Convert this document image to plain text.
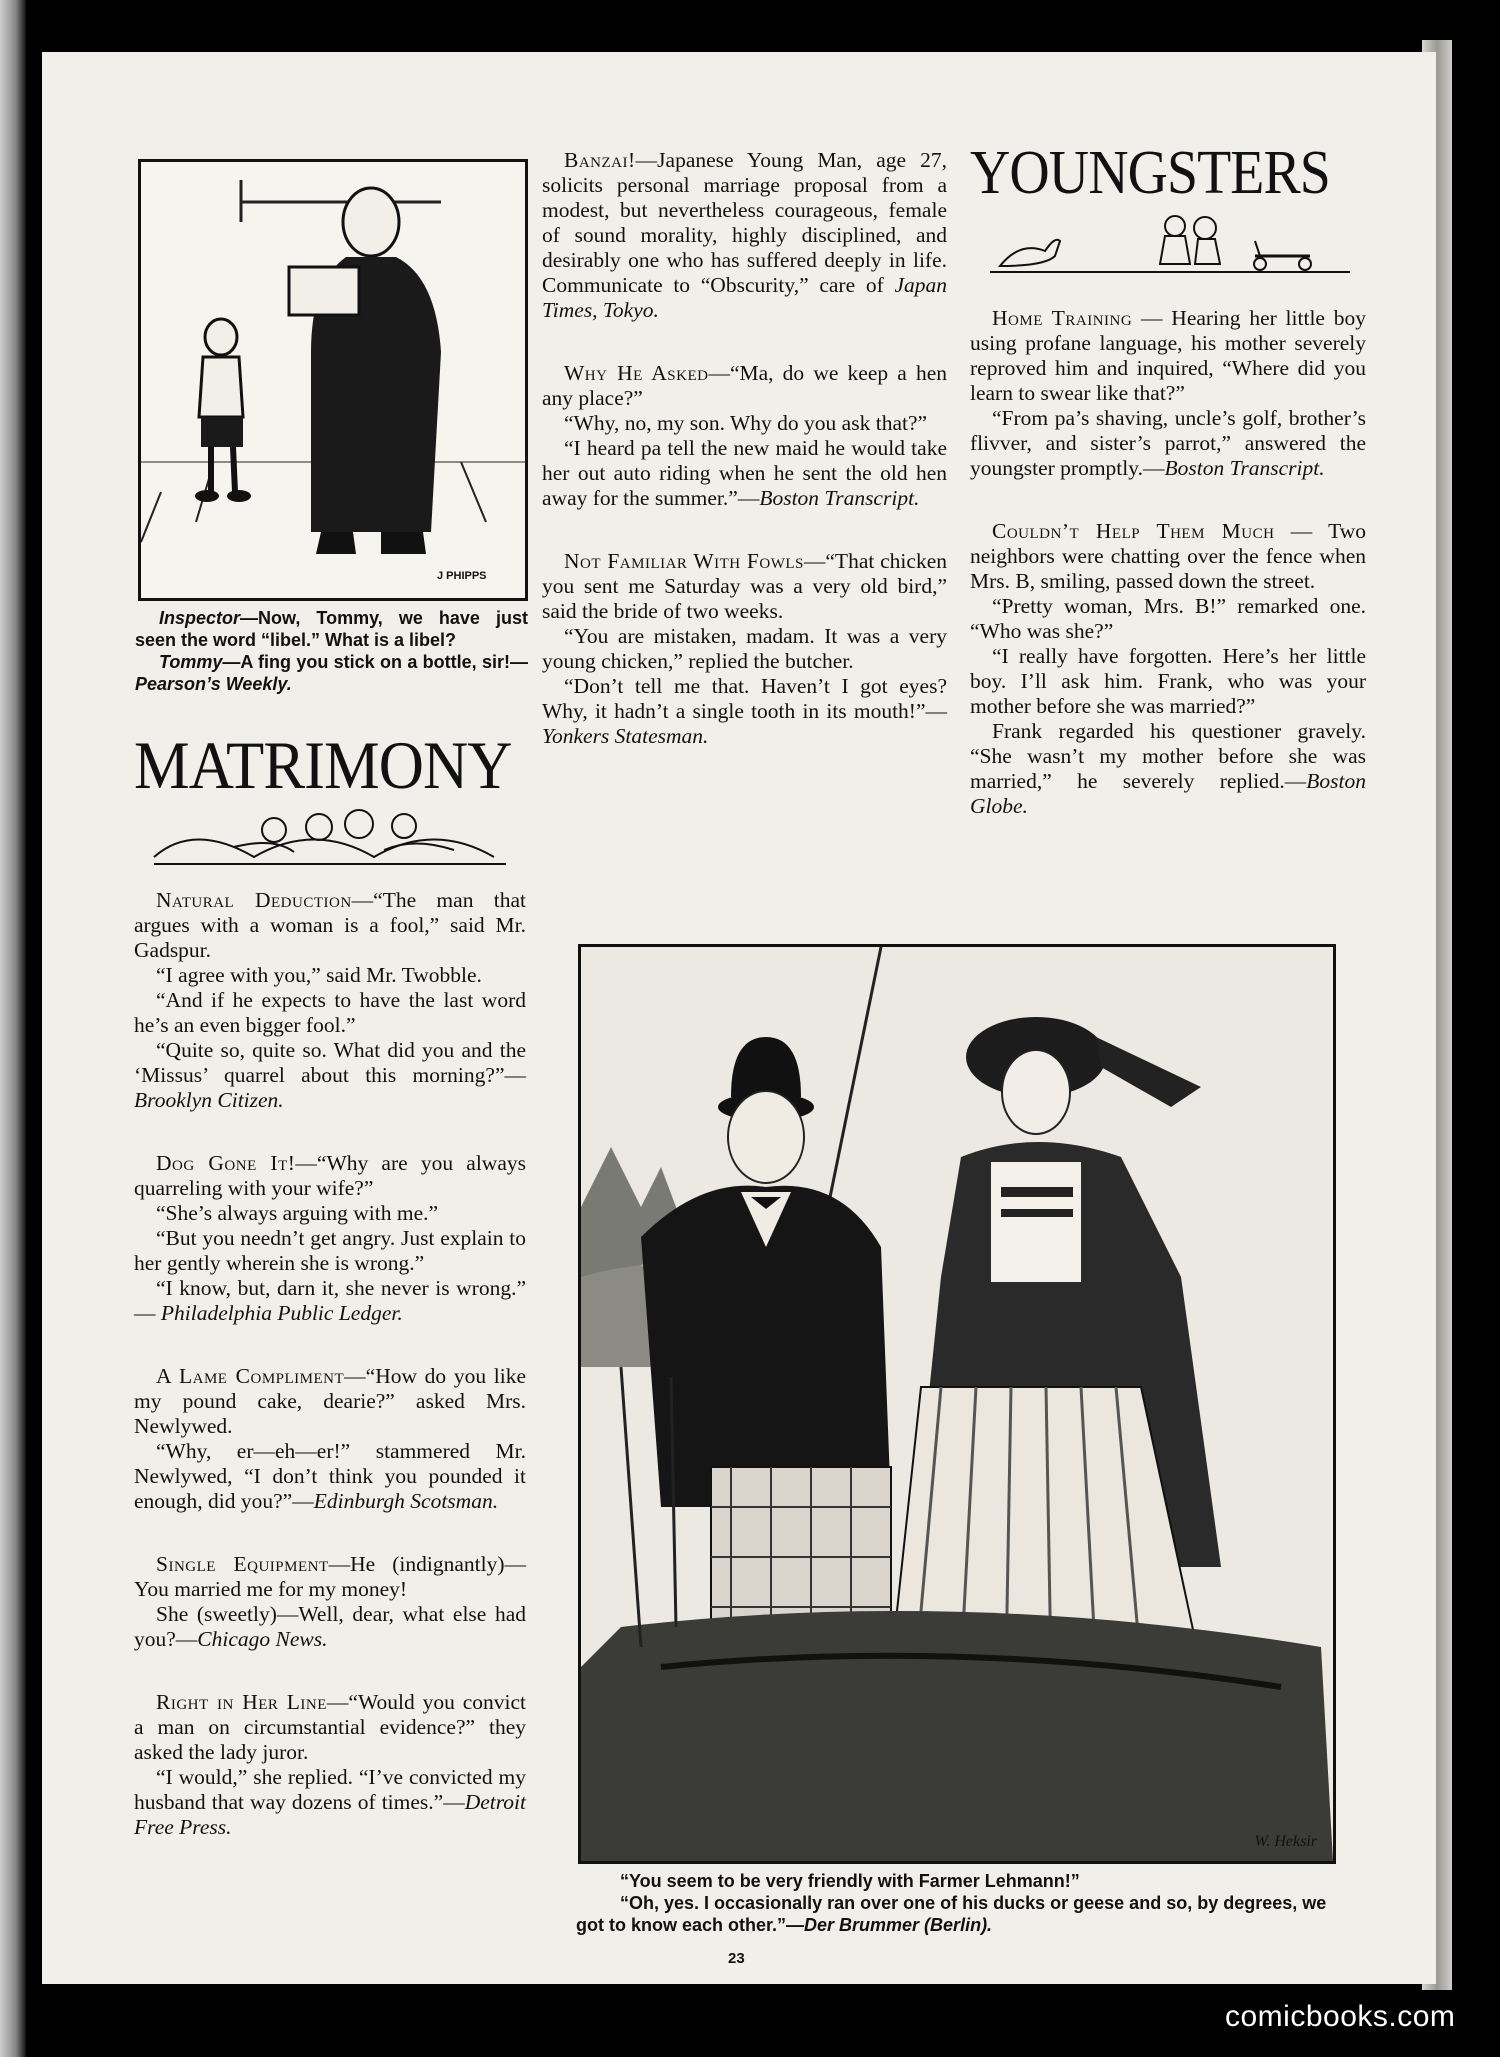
J PHIPPS

Inspector—Now, Tommy, we have just seen the word “libel.” What is a libel?

Tommy—A fing you stick on a bottle, sir!—Pearson’s Weekly.

MATRIMONY

Natural Deduction—“The man that argues with a woman is a fool,” said Mr. Gadspur.

“I agree with you,” said Mr. Twobble.

“And if he expects to have the last word he’s an even bigger fool.”

“Quite so, quite so. What did you and the ‘Missus’ quarrel about this morning?”—Brooklyn Citizen.

Dog Gone It!—“Why are you always quarreling with your wife?”

“She’s always arguing with me.”

“But you needn’t get angry. Just explain to her gently wherein she is wrong.”

“I know, but, darn it, she never is wrong.” — Philadelphia Public Ledger.

A Lame Compliment—“How do you like my pound cake, dearie?” asked Mrs. Newlywed.

“Why, er—eh—er!” stammered Mr. Newlywed, “I don’t think you pounded it enough, did you?”—Edinburgh Scotsman.

Single Equipment—He (indignantly)—You married me for my money!

She (sweetly)—Well, dear, what else had you?—Chicago News.

Right in Her Line—“Would you convict a man on circumstantial evidence?” they asked the lady juror.

“I would,” she replied. “I’ve convicted my husband that way dozens of times.”—Detroit Free Press.

Banzai!—Japanese Young Man, age 27, solicits personal marriage proposal from a modest, but nevertheless courageous, female of sound morality, highly disciplined, and desirably one who has suffered deeply in life. Communicate to “Obscurity,” care of Japan Times, Tokyo.

Why He Asked—“Ma, do we keep a hen any place?”

“Why, no, my son. Why do you ask that?”

“I heard pa tell the new maid he would take her out auto riding when he sent the old hen away for the summer.”—Boston Transcript.

Not Familiar With Fowls—“That chicken you sent me Saturday was a very old bird,” said the bride of two weeks.

“You are mistaken, madam. It was a very young chicken,” replied the butcher.

“Don’t tell me that. Haven’t I got eyes? Why, it hadn’t a single tooth in its mouth!”—Yonkers Statesman.

YOUNGSTERS

Home Training — Hearing her little boy using profane language, his mother severely reproved him and inquired, “Where did you learn to swear like that?”

“From pa’s shaving, uncle’s golf, brother’s flivver, and sister’s parrot,” answered the youngster promptly.—Boston Transcript.

Couldn’t Help Them Much — Two neighbors were chatting over the fence when Mrs. B, smiling, passed down the street.

“Pretty woman, Mrs. B!” remarked one. “Who was she?”

“I really have forgotten. Here’s her little boy. I’ll ask him. Frank, who was your mother before she was married?”

Frank regarded his questioner gravely. “She wasn’t my mother before she was married,” he severely replied.—Boston Globe.

W. Heksir

“You seem to be very friendly with Farmer Lehmann!”

“Oh, yes. I occasionally ran over one of his ducks or geese and so, by degrees, we got to know each other.”—Der Brummer (Berlin).

23
comicbooks.com
